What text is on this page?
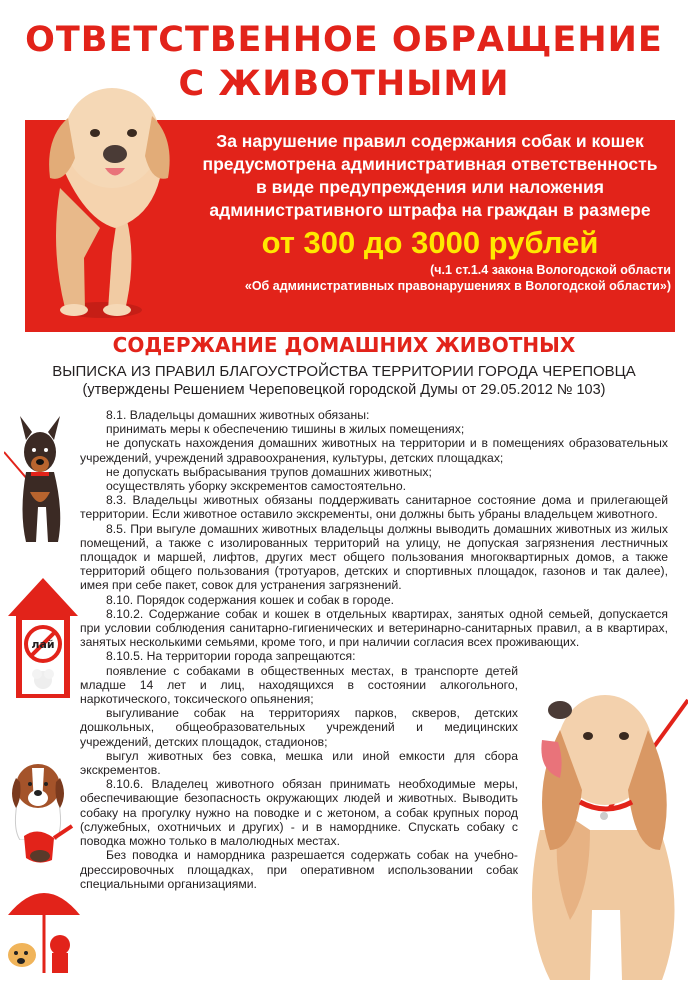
ОТВЕТСТВЕННОЕ ОБРАЩЕНИЕ
С ЖИВОТНЫМИ
За нарушение правил содержания собак и кошек
предусмотрена административная ответственность
в виде предупреждения или наложения
административного штрафа на граждан в размере
от 300 до 3000 рублей
(ч.1 ст.1.4 закона Вологодской области
«Об административных правонарушениях в Вологодской области»)
СОДЕРЖАНИЕ ДОМАШНИХ ЖИВОТНЫХ
ВЫПИСКА ИЗ ПРАВИЛ БЛАГОУСТРОЙСТВА ТЕРРИТОРИИ ГОРОДА ЧЕРЕПОВЦА
(утверждены Решением Череповецкой городской Думы от 29.05.2012 № 103)

8.1. Владельцы домашних животных обязаны:

принимать меры к обеспечению тишины в жилых помещениях;

не допускать нахождения домашних животных на территории и в помещениях образовательных учреждений, учреждений здравоохранения, культуры, детских площадках;

не допускать выбрасывания трупов домашних животных;

осуществлять уборку экскрементов самостоятельно.

8.3. Владельцы животных обязаны поддерживать санитарное состояние дома и прилегающей территории. Если животное оставило экскременты, они должны быть убраны владельцем животного.

8.5. При выгуле домашних животных владельцы должны выводить домашних животных из жилых помещений, а также с изолированных территорий на улицу, не допуская загрязнения лестничных площадок и маршей, лифтов, других мест общего пользования многоквартирных домов, а также территорий общего пользования (тротуаров, детских и спортивных площадок, газонов и так далее), имея при себе пакет, совок для устранения загрязнений.

8.10. Порядок содержания кошек и собак в городе.

8.10.2. Содержание собак и кошек в отдельных квартирах, занятых одной семьей, допускается при условии соблюдения санитарно-гигиенических и ветеринарно-санитарных правил, а в квартирах, занятых несколькими семьями, кроме того, и при наличии согласия всех проживающих.

8.10.5. На территории города запрещаются:

появление с собаками в общественных местах, в транспорте детей младше 14 лет и лиц, находящихся в состоянии алкогольного, наркотического, токсического опьянения;

выгуливание собак на территориях парков, скверов, детских дошкольных, общеобразовательных учреждений и медицинских учреждений, детских площадок, стадионов;

выгул животных без совка, мешка или иной емкости для сбора экскрементов.

8.10.6. Владелец животного обязан принимать необходимые меры, обеспечивающие безопасность окружающих людей и животных. Выводить собаку на прогулку нужно на поводке и с жетоном, а собак крупных пород (служебных, охотничьих и других) - и в наморднике. Спускать собаку с поводка можно только в малолюдных местах.

Без поводка и намордника разрешается содержать собак на учебно-дрессировочных площадках, при оперативном использовании собак специальными организациями.

лай
